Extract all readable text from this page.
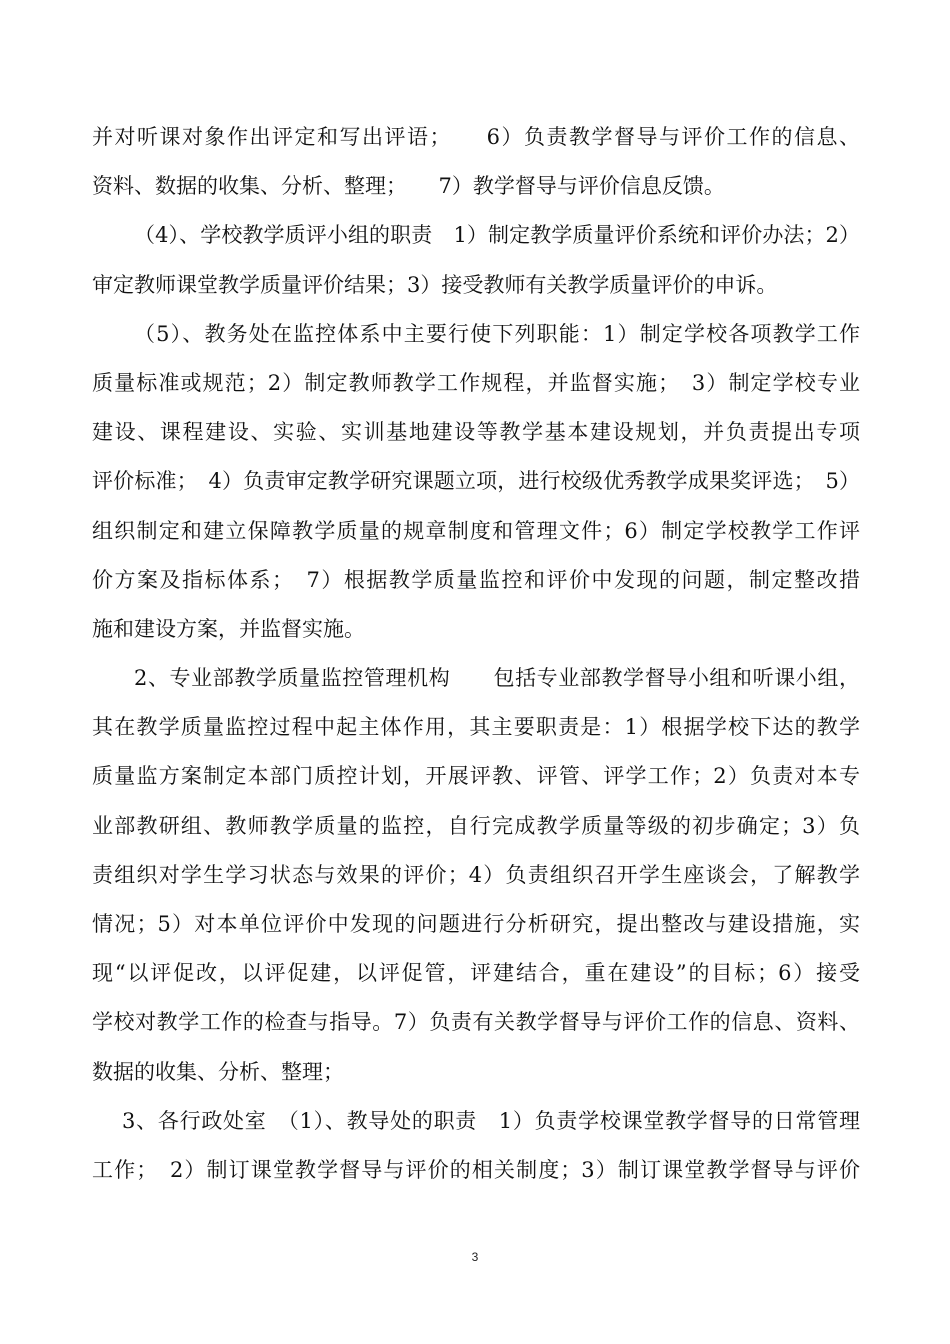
并对听课对象作出评定和写出评语；　　6）负责教学督导与评价工作的信息、
资料、数据的收集、分析、整理；　　7）教学督导与评价信息反馈。
（4）、学校教学质评小组的职责　1）制定教学质量评价系统和评价办法；2）
审定教师课堂教学质量评价结果；3）接受教师有关教学质量评价的申诉。
（5）、教务处在监控体系中主要行使下列职能：1）制定学校各项教学工作
质量标准或规范；2）制定教师教学工作规程，并监督实施；　3）制定学校专业
建设、课程建设、实验、实训基地建设等教学基本建设规划，并负责提出专项
评价标准；　4）负责审定教学研究课题立项，进行校级优秀教学成果奖评选；　5）
组织制定和建立保障教学质量的规章制度和管理文件；6）制定学校教学工作评
价方案及指标体系；　7）根据教学质量监控和评价中发现的问题，制定整改措
施和建设方案，并监督实施。
2、专业部教学质量监控管理机构　　包括专业部教学督导小组和听课小组，
其在教学质量监控过程中起主体作用，其主要职责是：1）根据学校下达的教学
质量监方案制定本部门质控计划，开展评教、评管、评学工作；2）负责对本专
业部教研组、教师教学质量的监控，自行完成教学质量等级的初步确定；3）负
责组织对学生学习状态与效果的评价；4）负责组织召开学生座谈会，了解教学
情况；5）对本单位评价中发现的问题进行分析研究，提出整改与建设措施，实
现“以评促改，以评促建，以评促管，评建结合，重在建设”的目标；6）接受
学校对教学工作的检查与指导。7）负责有关教学督导与评价工作的信息、资料、
数据的收集、分析、整理；
3、各行政处室　（1）、教导处的职责　1）负责学校课堂教学督导的日常管理
工作；　2）制订课堂教学督导与评价的相关制度；3）制订课堂教学督导与评价
3
